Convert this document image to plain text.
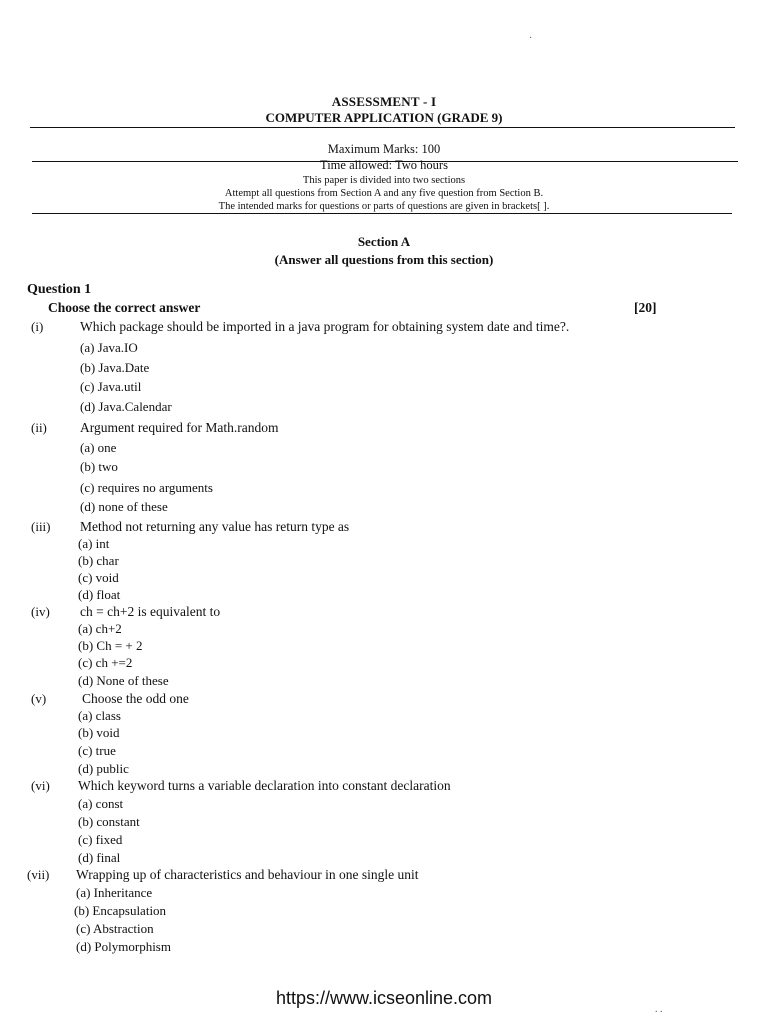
ASSESSMENT - I
COMPUTER APPLICATION (GRADE 9)
Maximum Marks: 100
Time allowed: Two hours
This paper is divided into two sections
Attempt all questions from Section A and any five question from Section B.
The intended marks for questions or parts of questions are given in brackets[ ].
Section A
(Answer all questions from this section)
Question 1
Choose the correct answer	[20]
(i)	Which package should be imported in a java program for obtaining system date and time?.
(a) Java.IO
(b) Java.Date
(c) Java.util
(d) Java.Calendar
(ii) Argument required for Math.random
(a) one
(b) two
(c) requires no arguments
(d) none of these
(iii) Method not returning any value has return type as
(a) int
(b) char
(c) void
(d) float
(iv) ch = ch+2 is equivalent to
(a) ch+2
(b) Ch = + 2
(c) ch +=2
(d) None of these
(v)	Choose the odd one
(a) class
(b) void
(c) true
(d) public
(vi) Which keyword turns a variable declaration into constant declaration
(a) const
(b) constant
(c) fixed
(d) final
(vii) Wrapping up of characteristics and behaviour in one single unit
(a) Inheritance
(b) Encapsulation
(c) Abstraction
(d) Polymorphism
https://www.icseonline.com
·
. .
